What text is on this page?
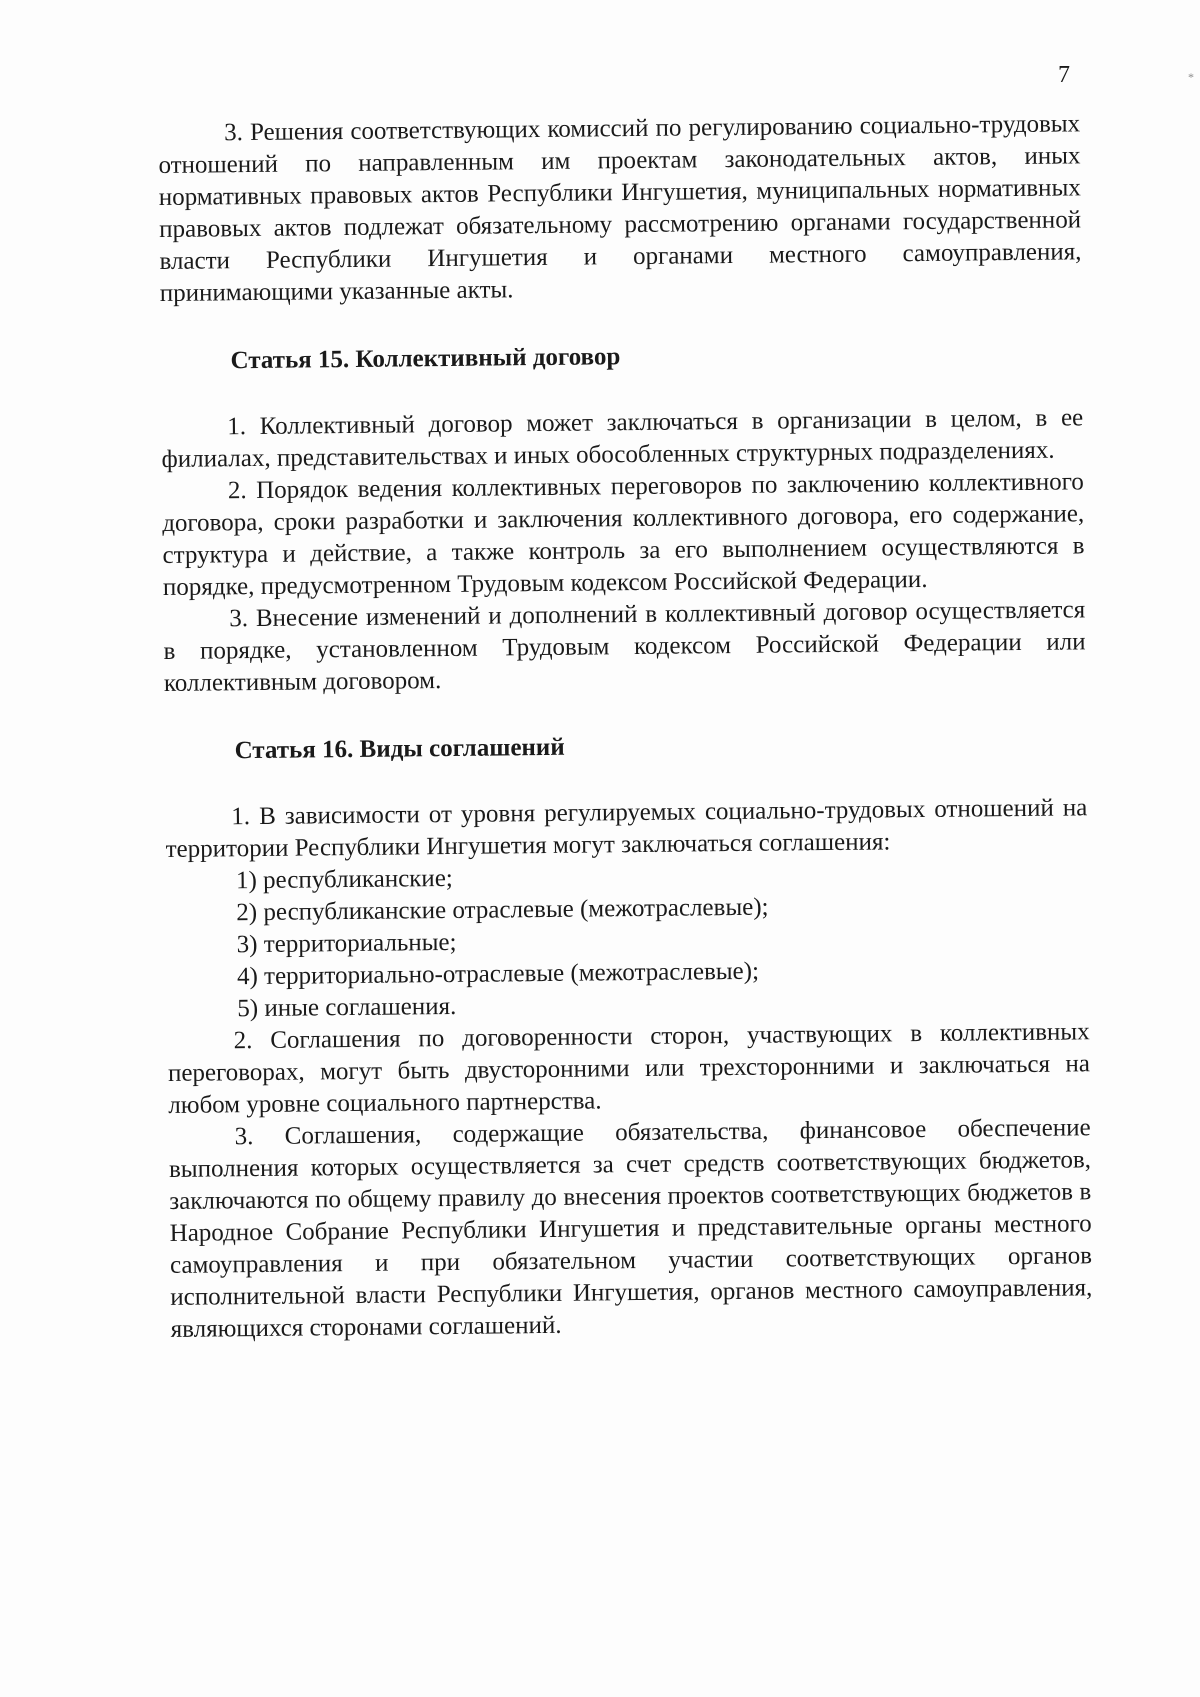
7	*

3. Решения соответствующих комиссий по регулированию социально-трудовых отношений по направленным им проектам законодательных актов, иных нормативных правовых актов Республики Ингушетия, муниципальных нормативных правовых актов подлежат обязательному рассмотрению органами государственной власти Республики Ингушетия и органами местного самоуправления, принимающими указанные акты.

Статья 15. Коллективный договор

1. Коллективный договор может заключаться в организации в целом, в ее филиалах, представительствах и иных обособленных структурных подразделениях.

2. Порядок ведения коллективных переговоров по заключению коллективного договора, сроки разработки и заключения коллективного договора, его содержание, структура и действие, а также контроль за его выполнением осуществляются в порядке, предусмотренном Трудовым кодексом Российской Федерации.

3. Внесение изменений и дополнений в коллективный договор осуществляется в порядке, установленном Трудовым кодексом Российской Федерации или коллективным договором.

Статья 16. Виды соглашений

1. В зависимости от уровня регулируемых социально-трудовых отношений на территории Республики Ингушетия могут заключаться соглашения:

1) республиканские;

2) республиканские отраслевые (межотраслевые);

3) территориальные;

4) территориально-отраслевые (межотраслевые);

5) иные соглашения.

2. Соглашения по договоренности сторон, участвующих в коллективных переговорах, могут быть двусторонними или трехсторонними и заключаться на любом уровне социального партнерства.

3. Соглашения, содержащие обязательства, финансовое обеспечение выполнения которых осуществляется за счет средств соответствующих бюджетов, заключаются по общему правилу до внесения проектов соответствующих бюджетов в Народное Собрание Республики Ингушетия и представительные органы местного самоуправления и при обязательном участии соответствующих органов исполнительной власти Республики Ингушетия, органов местного самоуправления, являющихся сторонами соглашений.
